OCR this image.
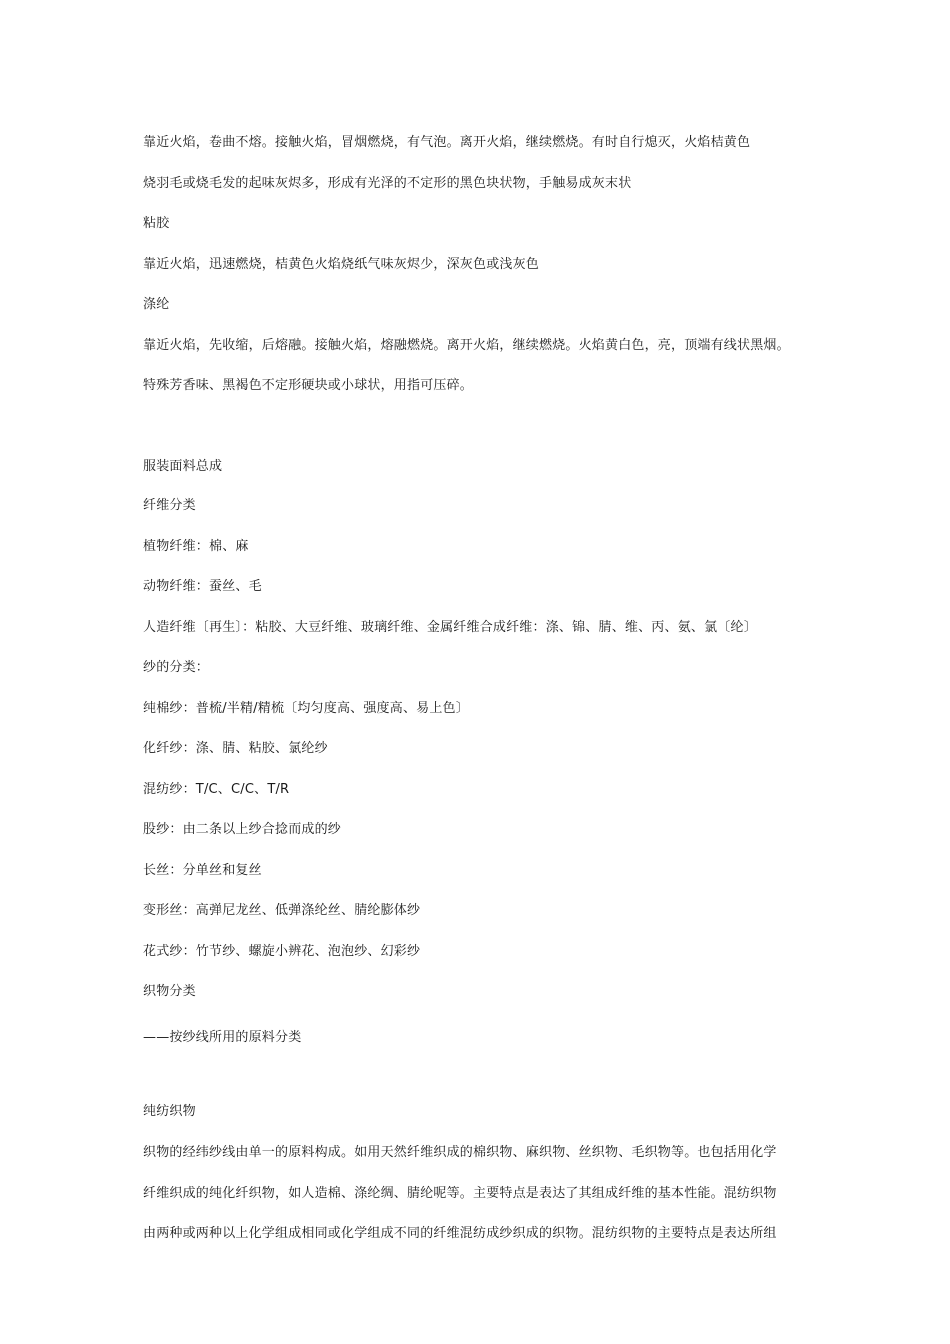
靠近火焰，卷曲不熔。接触火焰，冒烟燃烧，有气泡。离开火焰，继续燃烧。有时自行熄灭，火焰桔黄色
烧羽毛或烧毛发的起味灰烬多，形成有光泽的不定形的黑色块状物，手触易成灰末状
粘胶
靠近火焰，迅速燃烧，桔黄色火焰烧纸气味灰烬少，深灰色或浅灰色
涤纶
靠近火焰，先收缩，后熔融。接触火焰，熔融燃烧。离开火焰，继续燃烧。火焰黄白色，亮，顶端有线状黑烟。
特殊芳香味、黑褐色不定形硬块或小球状，用指可压碎。
服装面料总成
纤维分类
植物纤维：棉、麻
动物纤维：蚕丝、毛
人造纤维〔再生〕：粘胶、大豆纤维、玻璃纤维、金属纤维合成纤维：涤、锦、腈、维、丙、氨、氯〔纶〕
纱的分类：
纯棉纱：普梳/半精/精梳〔均匀度高、强度高、易上色〕
化纤纱：涤、腈、粘胶、氯纶纱
混纺纱：T/C、C/C、T/R
股纱：由二条以上纱合捻而成的纱
长丝：分单丝和复丝
变形丝：高弹尼龙丝、低弹涤纶丝、腈纶膨体纱
花式纱：竹节纱、螺旋小辨花、泡泡纱、幻彩纱
织物分类
——按纱线所用的原料分类
纯纺织物
织物的经纬纱线由单一的原料构成。如用天然纤维织成的棉织物、麻织物、丝织物、毛织物等。也包括用化学
纤维织成的纯化纤织物，如人造棉、涤纶绸、腈纶呢等。主要特点是表达了其组成纤维的基本性能。混纺织物
由两种或两种以上化学组成相同或化学组成不同的纤维混纺成纱织成的织物。混纺织物的主要特点是表达所组
